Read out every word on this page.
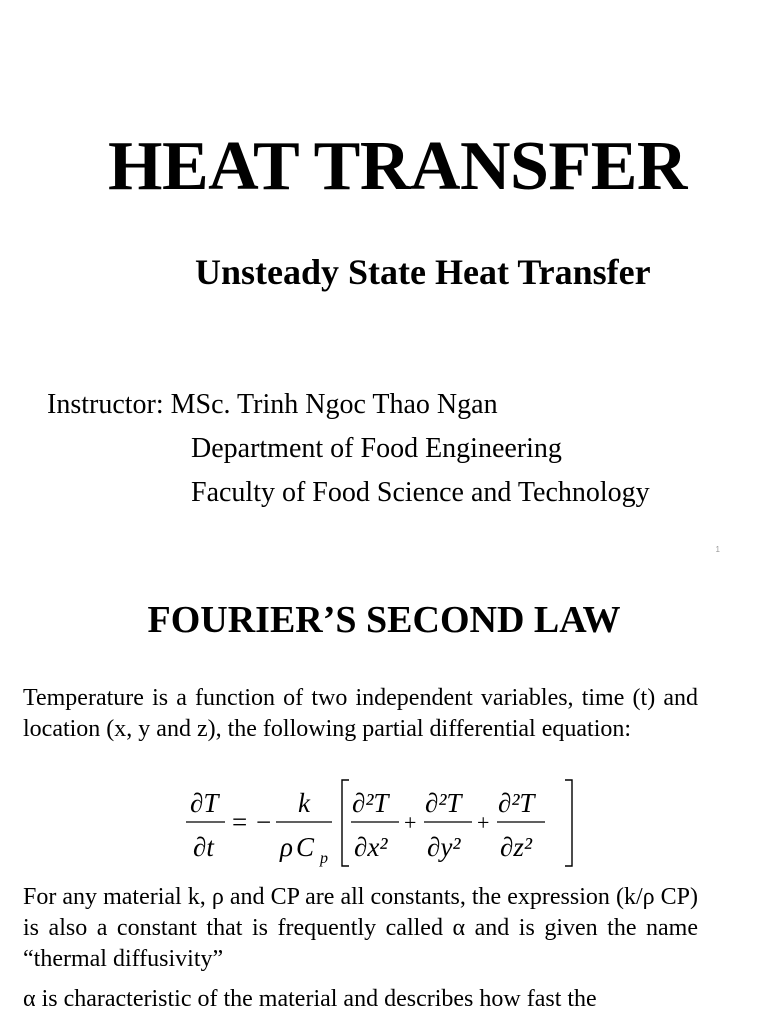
HEAT TRANSFER
Unsteady State Heat Transfer
Instructor: MSc. Trinh Ngoc Thao Ngan
Department of Food Engineering
Faculty of Food Science and Technology
1
FOURIER’S SECOND LAW
Temperature is a function of two independent variables, time (t) and location (x, y and z), the following partial differential equation:
∂T
∂t
= −
k
ρ C p
∂²T
∂x²
+
∂²T
∂y²
+
∂²T
∂z²
For any material k, ρ and CP are all constants, the expression (k/ρ CP) is also a constant that is frequently called α and is given the name “thermal diffusivity”
α is characteristic of the material and describes how fast the
